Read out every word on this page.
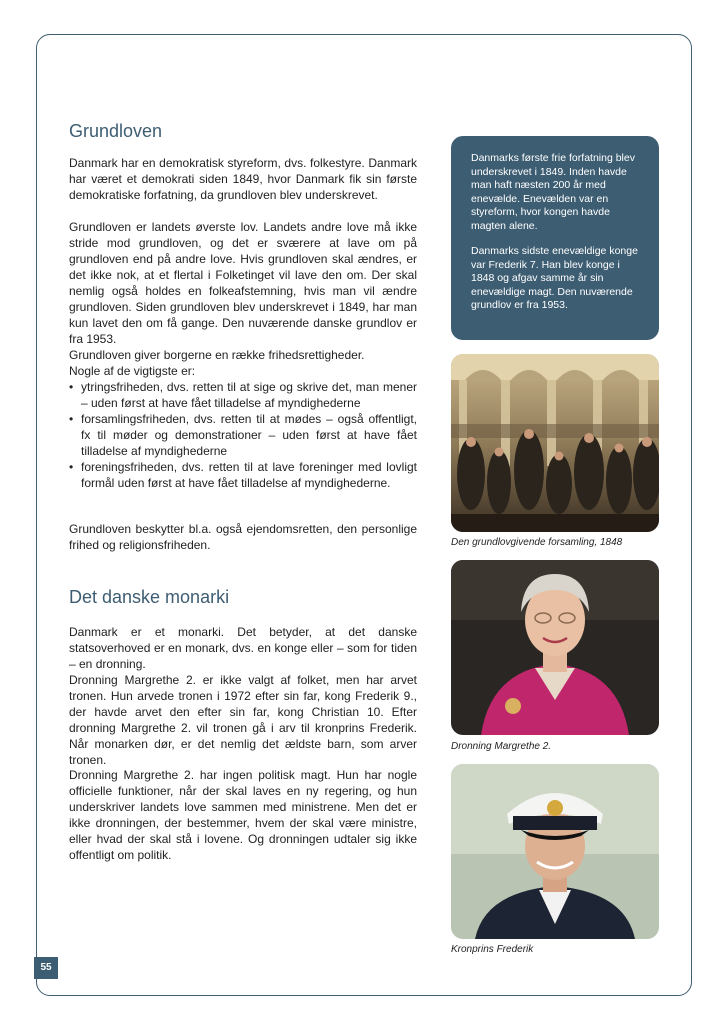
Grundloven

Danmark har en demokratisk styreform, dvs. folkestyre. Danmark har været et demokrati siden 1849, hvor Danmark fik sin første demokratiske forfatning, da grundloven blev underskrevet.

Grundloven er landets øverste lov. Landets andre love må ikke stride mod grundloven, og det er sværere at lave om på grundloven end på andre love. Hvis grundloven skal ændres, er det ikke nok, at et flertal i Folketinget vil lave den om. Der skal nemlig også holdes en folkeafstemning, hvis man vil ændre grundloven. Siden grundloven blev underskrevet i 1849, har man kun lavet den om få gange. Den nuværende danske grundlov er fra 1953.

Grundloven giver borgerne en række frihedsrettigheder.
Nogle af de vigtigste er:
• ytringsfriheden, dvs. retten til at sige og skrive det, man mener – uden først at have fået tilladelse af myndighederne
• forsamlingsfriheden, dvs. retten til at mødes – også offentligt, fx til møder og demonstrationer – uden først at have fået tilladelse af myndighederne
• foreningsfriheden, dvs. retten til at lave foreninger med lovligt formål uden først at have fået tilladelse af myndighederne.

Grundloven beskytter bl.a. også ejendomsretten, den personlige frihed og religionsfriheden.

Det danske monarki

Danmark er et monarki. Det betyder, at det danske statsoverhoved er en monark, dvs. en konge eller – som for tiden – en dronning.

Dronning Margrethe 2. er ikke valgt af folket, men har arvet tronen. Hun arvede tronen i 1972 efter sin far, kong Frederik 9., der havde arvet den efter sin far, kong Christian 10. Efter dronning Margrethe 2. vil tronen gå i arv til kronprins Frederik. Når monarken dør, er det nemlig det ældste barn, som arver tronen.

Dronning Margrethe 2. har ingen politisk magt. Hun har nogle officielle funktioner, når der skal laves en ny regering, og hun underskriver landets love sammen med ministrene. Men det er ikke dronningen, der bestemmer, hvem der skal være ministre, eller hvad der skal stå i lovene. Og dronningen udtaler sig ikke offentligt om politik.

Danmarks første frie forfatning blev underskrevet i 1849. Inden havde man haft næsten 200 år med enevælde. Enevælden var en styreform, hvor kongen havde magten alene.

Danmarks sidste enevældige konge var Frederik 7. Han blev konge i 1848 og afgav samme år sin enevældige magt. Den nuværende grundlov er fra 1953.

Den grundlovgivende forsamling, 1848
Dronning Margrethe 2.
Kronprins Frederik
55
